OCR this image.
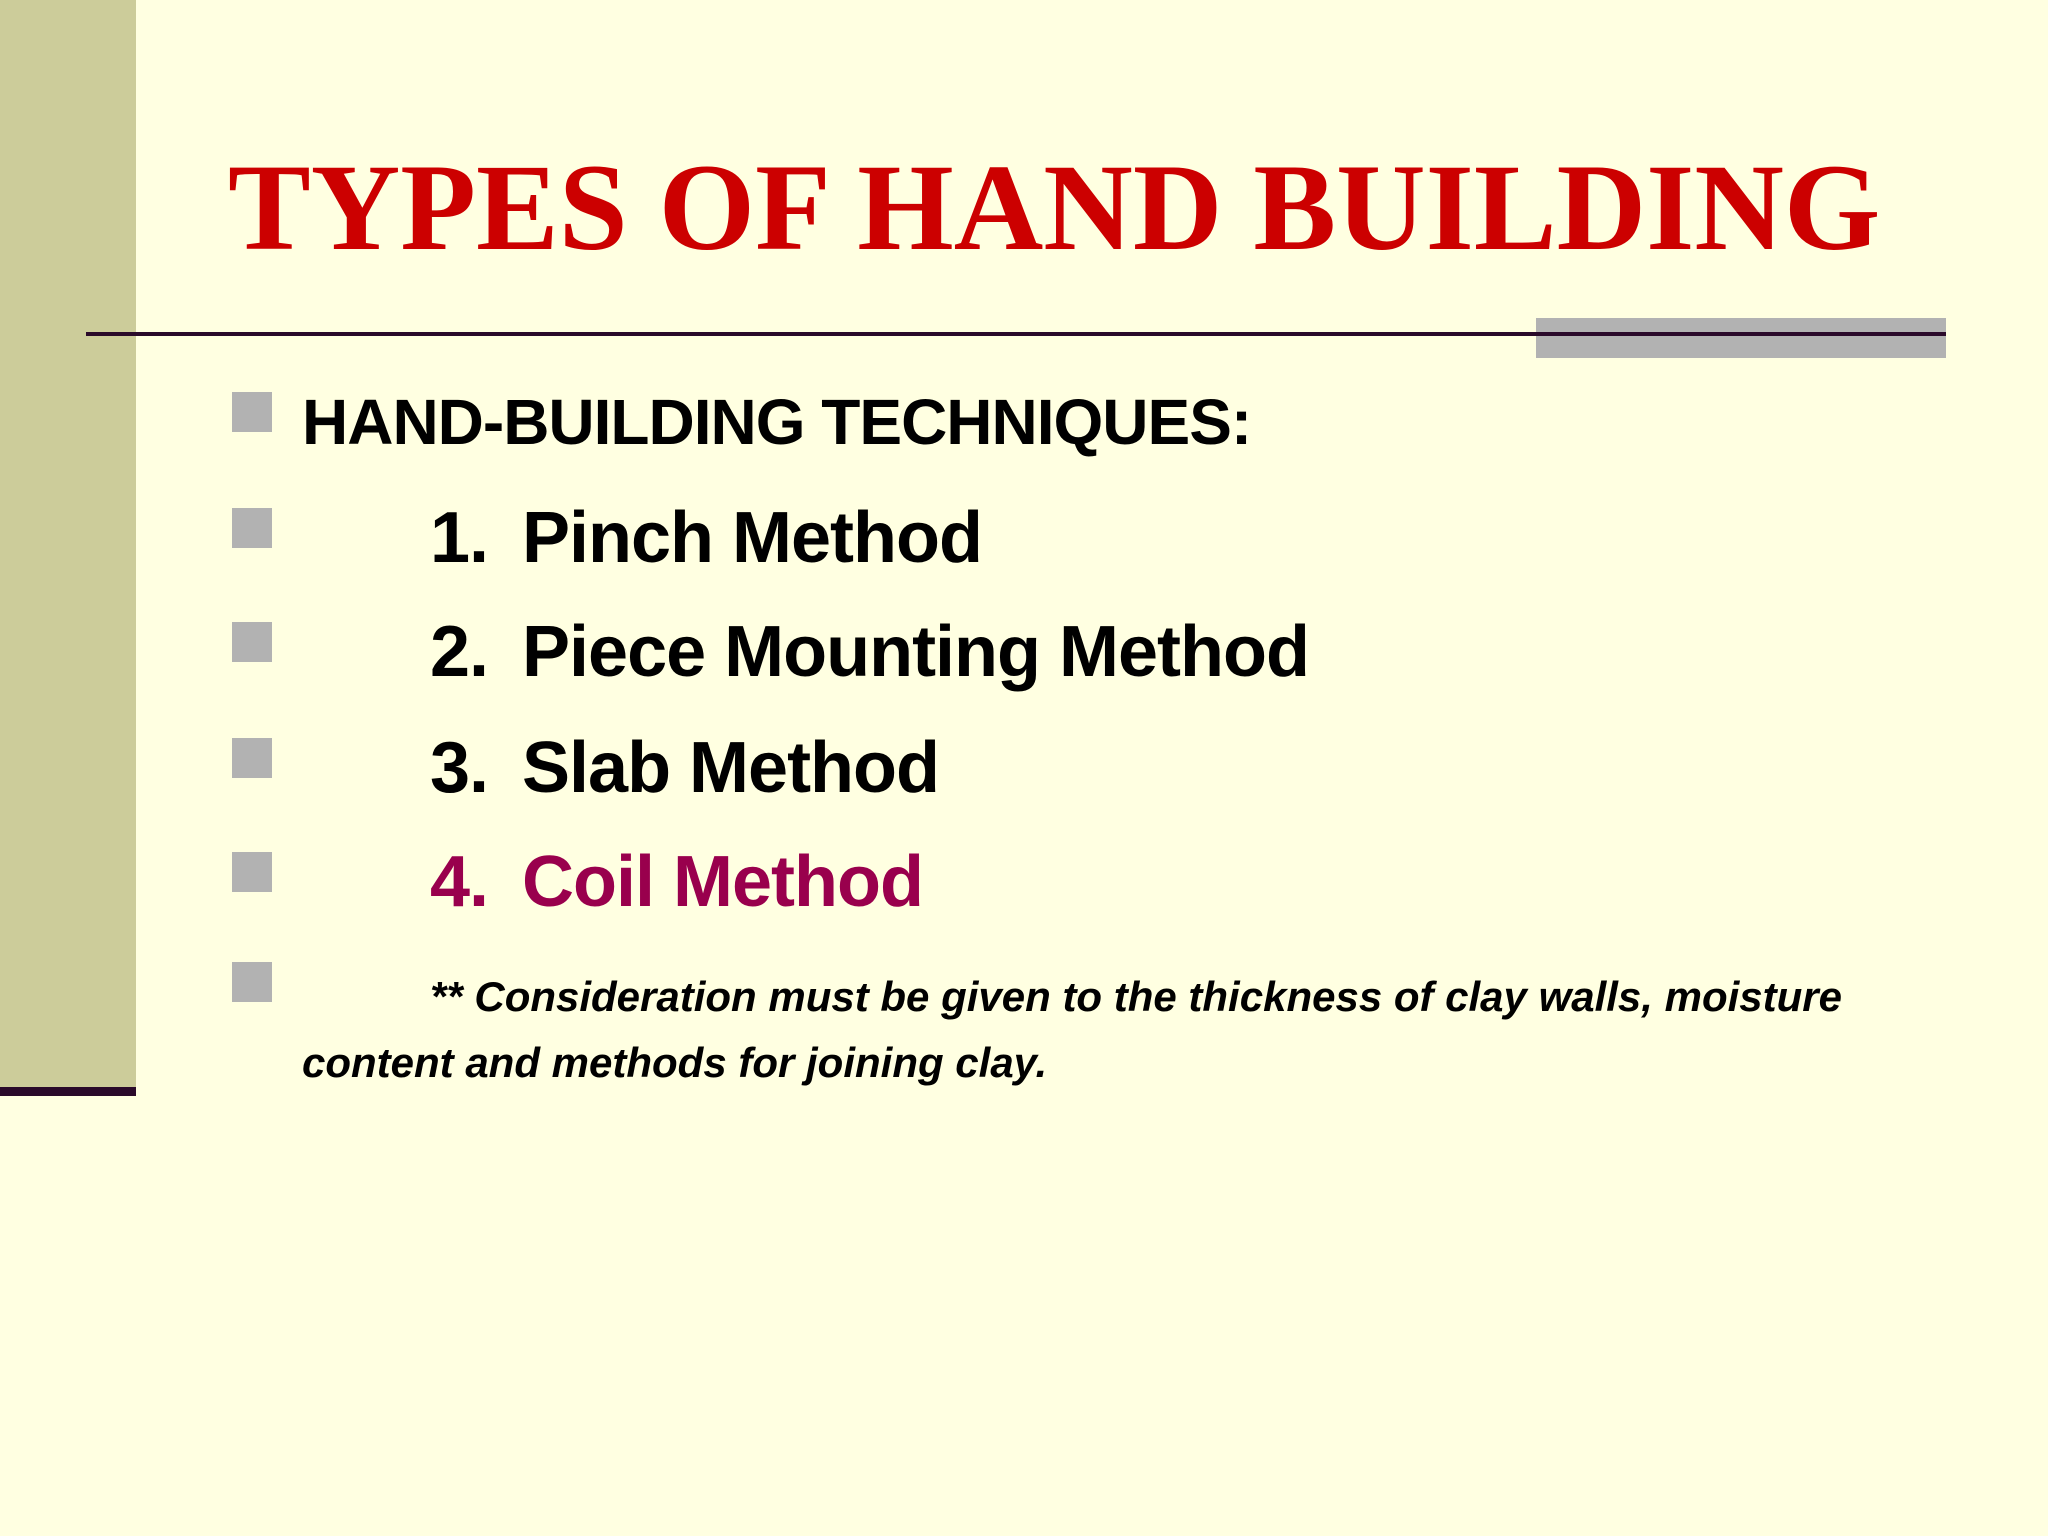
TYPES OF HAND BUILDING

HAND-BUILDING TECHNIQUES:

1. Pinch Method

2. Piece Mounting Method

3. Slab Method

4. Coil Method

** Consideration must be given to the thickness of clay walls, moisture content and methods for joining clay.
